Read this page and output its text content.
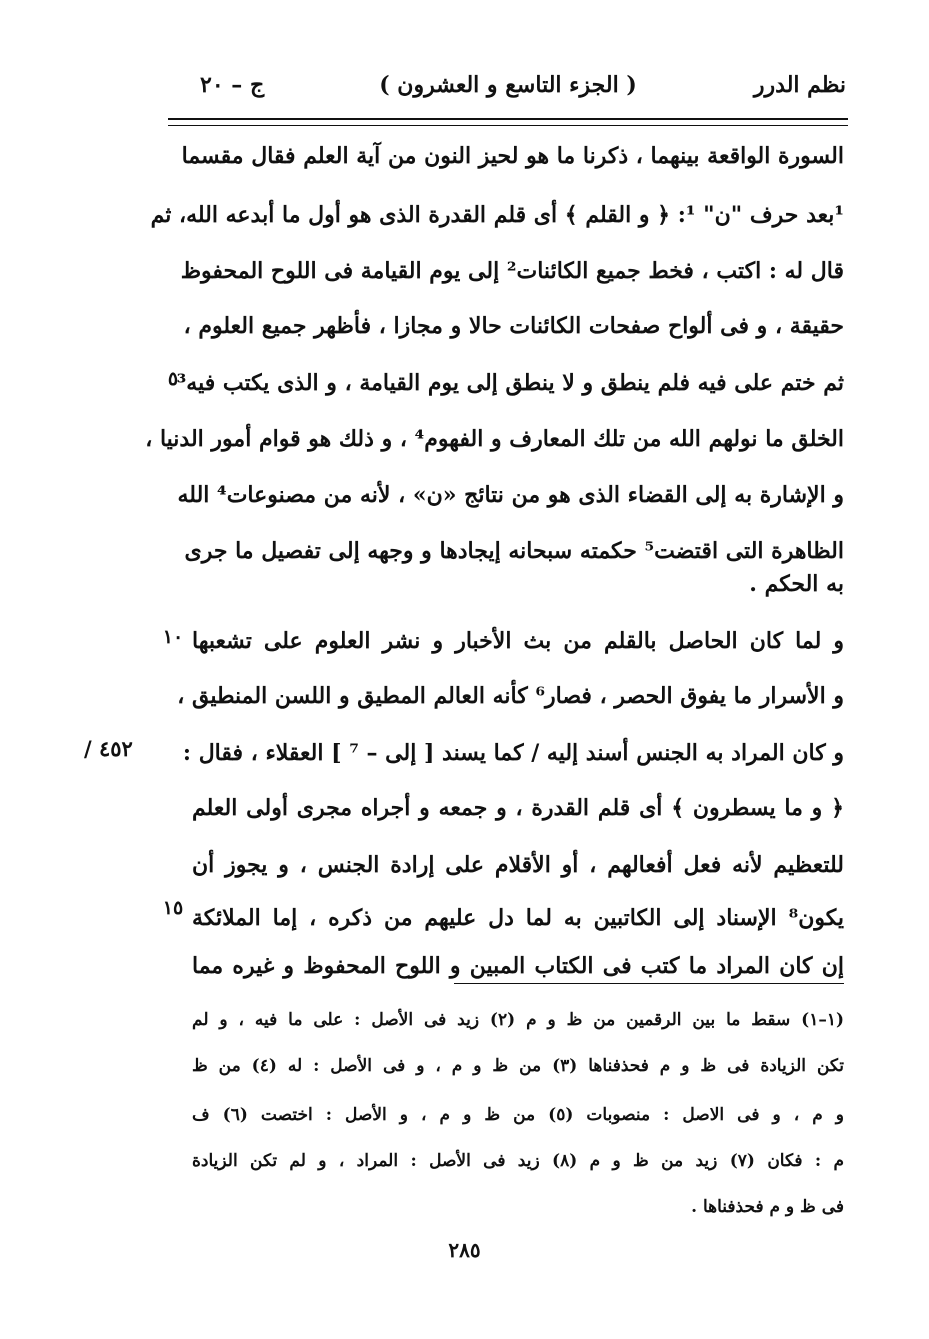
نظم الدرر
( الجزء التاسع و العشرون )
ج – ٢٠
السورة الواقعة بينهما ، ذكرنا ما هو لحيز النون من آية العلم فقال مقسما
¹بعد حرف "ن" ¹: ﴿ و القلم ﴾ أى قلم القدرة الذى هو أول ما أبدعه الله، ثم
قال له : اكتب ، فخط جميع الكائنات² إلى يوم القيامة فى اللوح المحفوظ
حقيقة ، و فى ألواح صفحات الكائنات حالا و مجازا ، فأظهر جميع العلوم ،
ثم ختم على فيه فلم ينطق و لا ينطق إلى يوم القيامة ، و الذى يكتب فيه³
الخلق ما نولهم الله من تلك المعارف و الفهوم⁴ ، و ذلك هو قوام أمور الدنيا ،
و الإشارة به إلى القضاء الذى هو من نتائج «ن» ، لأنه من مصنوعات⁴ الله
الظاهرة التى اقتضت⁵ حكمته سبحانه إيجادها و وجهه إلى تفصيل ما جرى
به الحكم .
و لما كان الحاصل بالقلم من بث الأخبار و نشر العلوم على تشعبها
و الأسرار ما يفوق الحصر ، فصار⁶ كأنه العالم المطيق و اللسن المنطيق ،
و كان المراد به الجنس أسند إليه / كما يسند [ إلى – ⁷ ] العقلاء ، فقال :
﴿ و ما يسطرون ﴾ أى قلم القدرة ، و جمعه و أجراه مجرى أولى العلم
للتعظيم لأنه فعل أفعالهم ، أو الأقلام على إرادة الجنس ، و يجوز أن
يكون⁸ الإسناد إلى الكاتبين به لما دل عليهم من ذكره ، إما الملائكة
إن كان المراد ما كتب فى الكتاب المبين و اللوح المحفوظ و غيره مما
٥
١٠
١٥
٤٥٢ /
(١–١) سقط ما بين الرقمين من ظ و م (٢) زيد فى الأصل : على ما فيه ، و لم
تكن الزيادة فى ظ و م فحذفناها (٣) من ظ و م ، و فى الأصل : له (٤) من ظ
و م ، و فى الاصل : منصوبات (٥) من ظ و م ، و الأصل : اختصت (٦) ف
م : فكان (٧) زيد من ظ و م (٨) زيد فى الأصل : المراد ، و لم تكن الزيادة
فى ظ و م فحذفناها .
٢٨٥
